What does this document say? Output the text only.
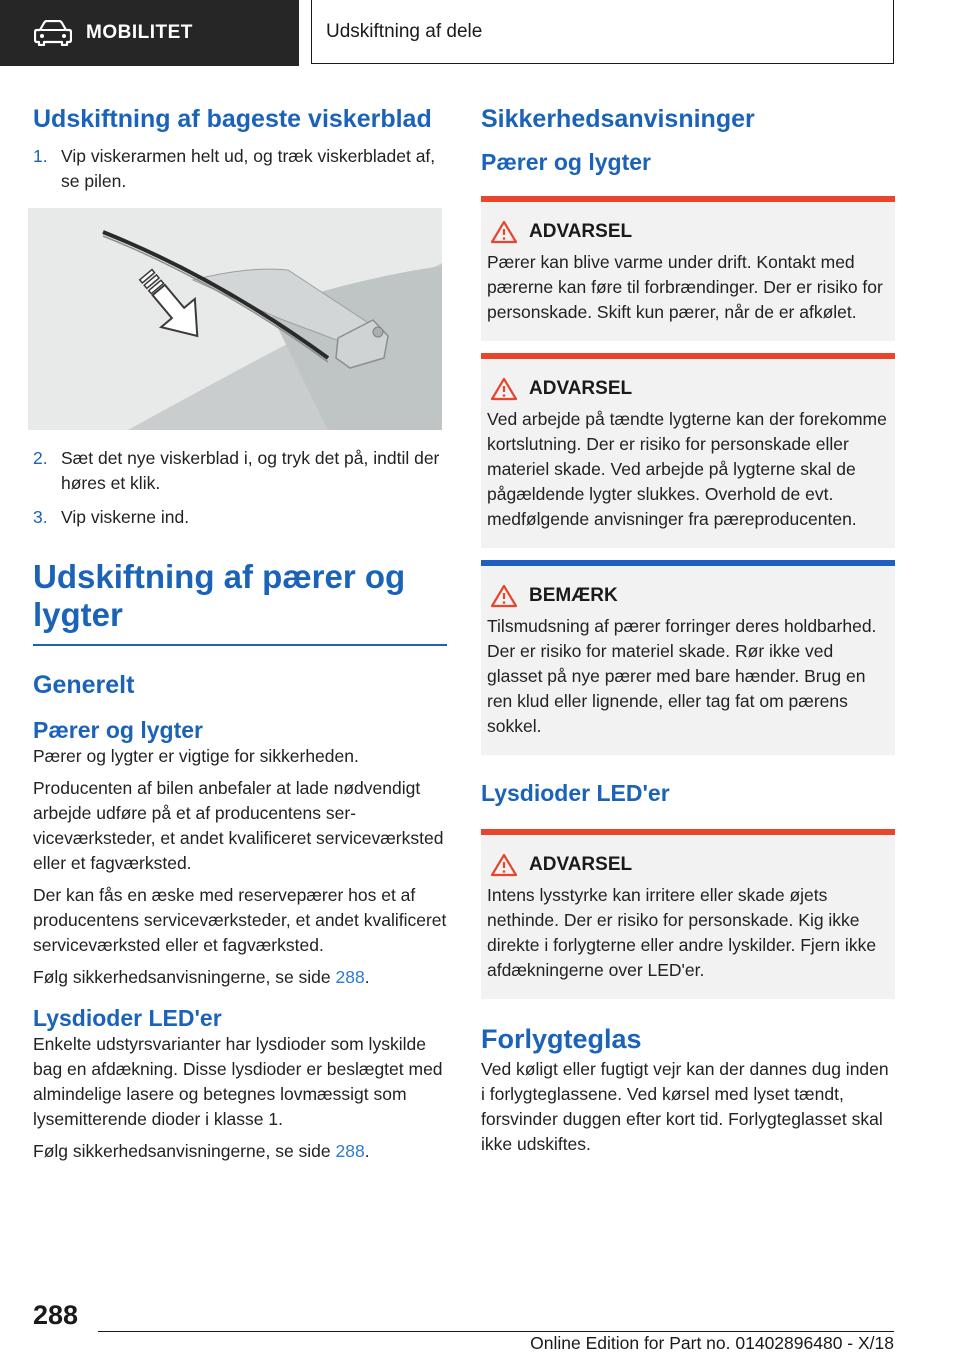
MOBILITET	Udskiftning af dele
Udskiftning af bageste viskerblad
1. Vip viskerarmen helt ud, og træk viskerbladet af, se pilen.
2. Sæt det nye viskerblad i, og tryk det på, indtil der høres et klik.
3. Vip viskerne ind.
Udskiftning af pærer og lygter
Generelt
Pærer og lygter

Pærer og lygter er vigtige for sikkerheden.

Producenten af bilen anbefaler at lade nødvendigt arbejde udføre på et af producentens serviceværksteder, et andet kvalificeret serviceværksted eller et fagværksted.

Der kan fås en æske med reservepærer hos et af producentens serviceværksteder, et andet kvalificeret serviceværksted eller et fagværksted.

Følg sikkerhedsanvisningerne, se side 288.

Lysdioder LED'er

Enkelte udstyrsvarianter har lysdioder som lyskilde bag en afdækning. Disse lysdioder er beslægtet med almindelige lasere og betegnes lovmæssigt som lysemitterende dioder i klasse 1.

Følg sikkerhedsanvisningerne, se side 288.

Sikkerhedsanvisninger
Pærer og lygter
ADVARSEL

Pærer kan blive varme under drift. Kontakt med pærerne kan føre til forbrændinger. Der er risiko for personskade. Skift kun pærer, når de er afkølet.

ADVARSEL

Ved arbejde på tændte lygterne kan der forekomme kortslutning. Der er risiko for personskade eller materiel skade. Ved arbejde på lygterne skal de pågældende lygter slukkes. Overhold de evt. medfølgende anvisninger fra pæreproducenten.

BEMÆRK

Tilsmudsning af pærer forringer deres holdbarhed. Der er risiko for materiel skade. Rør ikke ved glasset på nye pærer med bare hænder. Brug en ren klud eller lignende, eller tag fat om pærens sokkel.

Lysdioder LED'er
ADVARSEL

Intens lysstyrke kan irritere eller skade øjets nethinde. Der er risiko for personskade. Kig ikke direkte i forlygterne eller andre lyskilder. Fjern ikke afdækningerne over LED'er.

Forlygteglas

Ved køligt eller fugtigt vejr kan der dannes dug inden i forlygteglassene. Ved kørsel med lyset tændt, forsvinder duggen efter kort tid. Forlygteglasset skal ikke udskiftes.

288
Online Edition for Part no. 01402896480 - X/18
